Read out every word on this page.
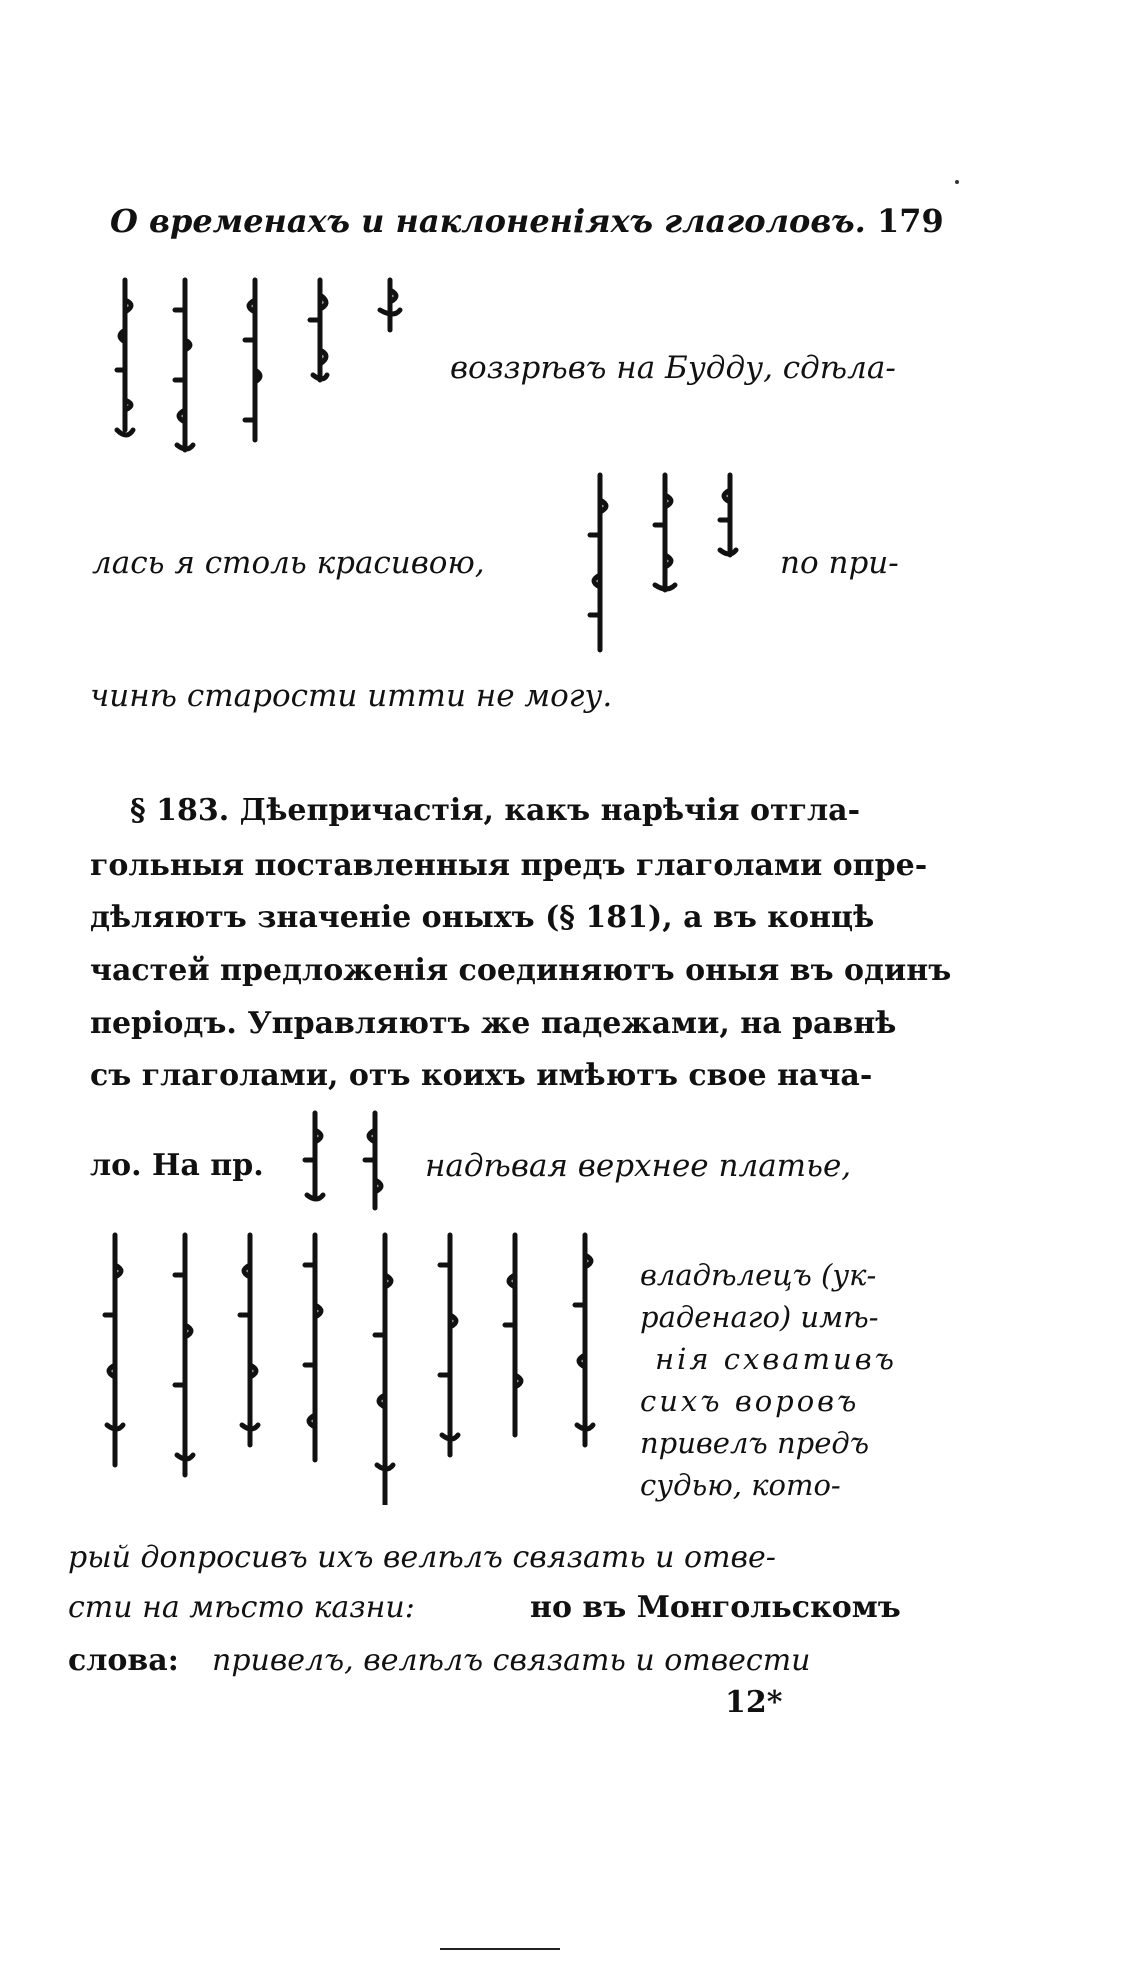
О временахъ и наклоненiяхъ глаголовъ. 179
воззрѣвъ на Будду, сдѣла-
лась я столь красивою,	по при-
чинѣ старости итти не могу.
§ 183. Дѣепричастiя, какъ нарѣчiя отгла-
гольныя поставленныя предъ глаголами опре-
дѣляютъ значенiе оныхъ (§ 181), а въ концѣ
частей предложенiя соединяютъ оныя въ одинъ
перiодъ. Управляютъ же падежами, на равнѣ
съ глаголами, отъ коихъ имѣютъ свое нача-
ло. На пр.	надѣвая верхнее платье,
владѣлецъ (ук-
раденаго) имѣ-
нiя схвативъ
сихъ воровъ
привелъ предъ
судью, кото-
рый допросивъ ихъ велѣлъ связать и отве-
сти на мѣсто казни:	но въ Монгольскомъ
слова: привелъ, велѣлъ связать и отвести
12*
